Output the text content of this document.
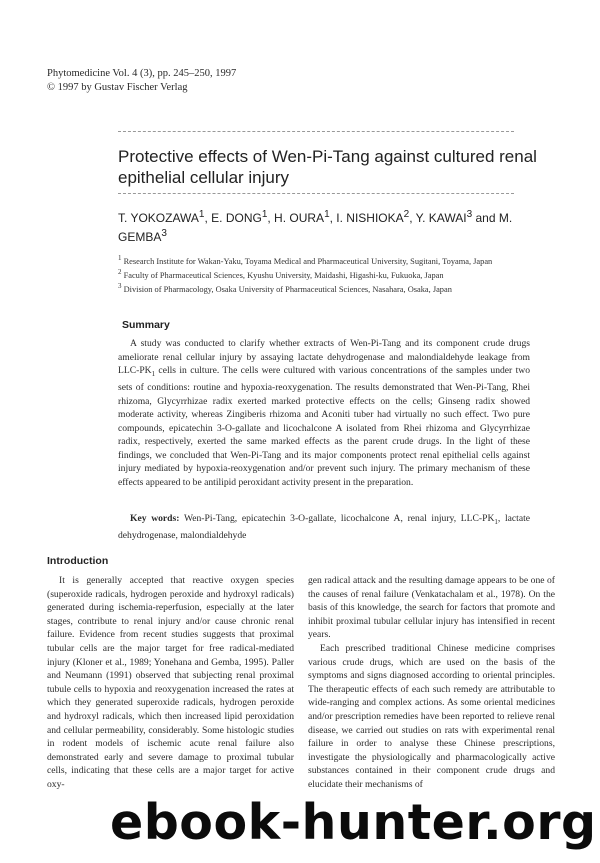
Phytomedicine Vol. 4 (3), pp. 245–250, 1997
© 1997 by Gustav Fischer Verlag
Protective effects of Wen-Pi-Tang against cultured renal epithelial cellular injury
T. YOKOZAWA$^1$, E. DONG$^1$, H. OURA$^1$, I. NISHIOKA$^2$, Y. KAWAI$^3$ and M. GEMBA$^3$
$^1$ Research Institute for Wakan-Yaku, Toyama Medical and Pharmaceutical University, Sugitani, Toyama, Japan
$^2$ Faculty of Pharmaceutical Sciences, Kyushu University, Maidashi, Higashi-ku, Fukuoka, Japan
$^3$ Division of Pharmacology, Osaka University of Pharmaceutical Sciences, Nasahara, Osaka, Japan
Summary
A study was conducted to clarify whether extracts of Wen-Pi-Tang and its component crude drugs ameliorate renal cellular injury by assaying lactate dehydrogenase and malondialdehyde leakage from LLC-$PK_1$ cells in culture. The cells were cultured with various concentrations of the samples under two sets of conditions: routine and hypoxia-reoxygenation. The results demonstrated that Wen-Pi-Tang, Rhei rhizoma, Glycyrrhizae radix exerted marked protective effects on the cells; Ginseng radix showed moderate activity, whereas Zingiberis rhizoma and Aconiti tuber had virtually no such effect. Two pure compounds, epicatechin 3-O-gallate and licochalcone A isolated from Rhei rhizoma and Glycyrrhizae radix, respectively, exerted the same marked effects as the parent crude drugs. In the light of these findings, we concluded that Wen-Pi-Tang and its major components protect renal epithelial cells against injury mediated by hypoxia-reoxygenation and/or prevent such injury. The primary mechanism of these effects appeared to be antilipid peroxidant activity present in the preparation.
Key words: Wen-Pi-Tang, epicatechin 3-O-gallate, licochalcone A, renal injury, LLC-$PK_1$, lactate dehydrogenase, malondialdehyde
Introduction

It is generally accepted that reactive oxygen species (superoxide radicals, hydrogen peroxide and hydroxyl radicals) generated during ischemia-reperfusion, especially at the later stages, contribute to renal injury and/or cause chronic renal failure. Evidence from recent studies suggests that proximal tubular cells are the major target for free radical-mediated injury (Kloner et al., 1989; Yonehana and Gemba, 1995). Paller and Neumann (1991) observed that subjecting renal proximal tubule cells to hypoxia and reoxygenation increased the rates at which they generated superoxide radicals, hydrogen peroxide and hydroxyl radicals, which then increased lipid peroxidation and cellular permeability, considerably. Some histologic studies in rodent models of ischemic acute renal failure also demonstrated early and severe damage to proximal tubular cells, indicating that these cells are a major target for active oxy-

gen radical attack and the resulting damage appears to be one of the causes of renal failure (Venkatachalam et al., 1978). On the basis of this knowledge, the search for factors that promote and inhibit proximal tubular cellular injury has intensified in recent years.

Each prescribed traditional Chinese medicine comprises various crude drugs, which are used on the basis of the symptoms and signs diagnosed according to oriental principles. The therapeutic effects of each such remedy are attributable to wide-ranging and complex actions. As some oriental medicines and/or prescription remedies have been reported to relieve renal disease, we carried out studies on rats with experimental renal failure in order to analyse these Chinese prescriptions, investigate the physiologically and pharmacologically active substances contained in their component crude drugs and elucidate their mechanisms of

ebook-hunter.org
